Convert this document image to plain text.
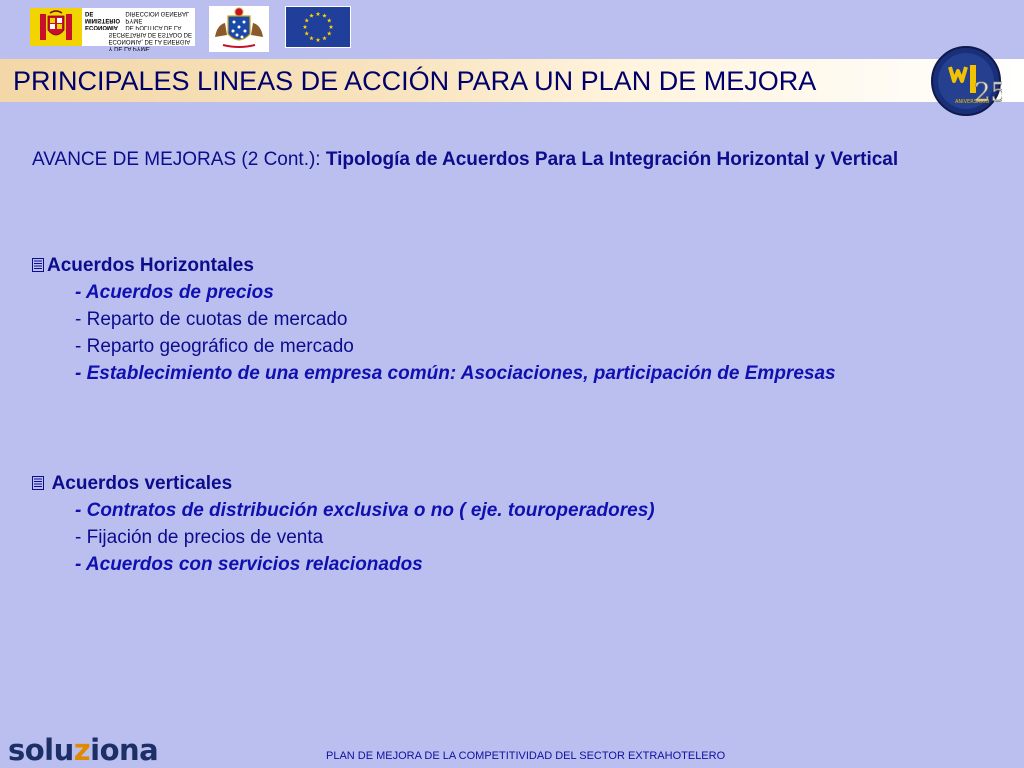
ECONOMIA
MINISTERIO DE
DE POLITICA DE LA PYME
DIRECCION GENERAL
Y DE LA PYME
ECONOMIA, DE LA ENERGIA
SECRETARIA DE ESTADO DE
PRINCIPALES LINEAS DE ACCIÓN PARA UN PLAN DE MEJORA	25
ANIVERSARIO
AVANCE DE MEJORAS (2 Cont.): Tipología de Acuerdos Para La Integración Horizontal y Vertical
Acuerdos Horizontales
- Acuerdos de precios
- Reparto de cuotas de mercado
- Reparto geográfico de mercado
- Establecimiento de una empresa común: Asociaciones, participación de Empresas
Acuerdos verticales
- Contratos de distribución exclusiva o no ( eje. touroperadores)
- Fijación de precios de venta
- Acuerdos con servicios relacionados
soluziona	PLAN DE MEJORA DE LA COMPETITIVIDAD DEL SECTOR EXTRAHOTELERO
